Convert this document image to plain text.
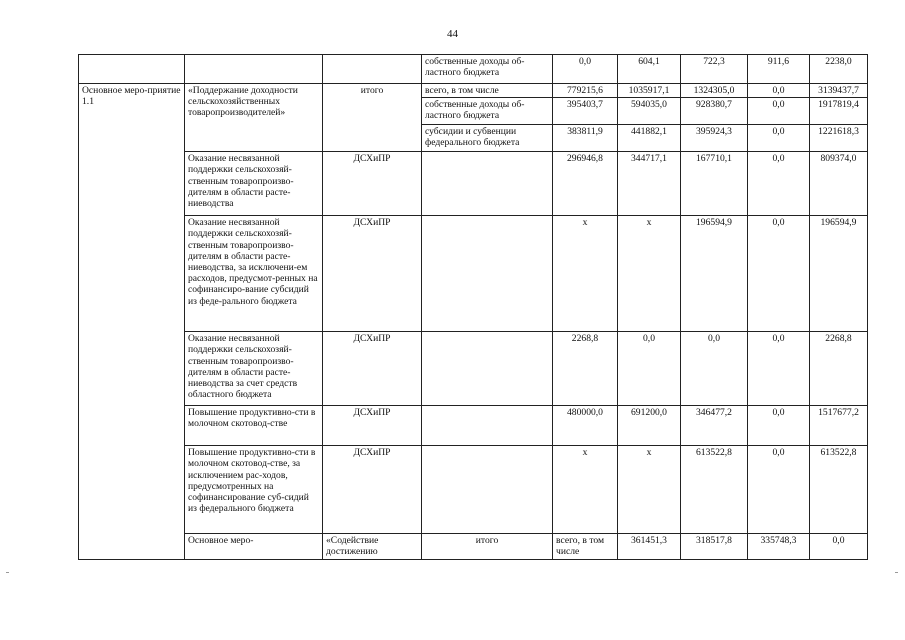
44
			собственные доходы об-ластного бюджета	0,0	604,1	722,3	911,6	2238,0	
Основное меро-приятие 1.1	«Поддержание доходности сельскохозяйственных товаропроизводителей»	итого	всего, в том числе	779215,6	1035917,1	1324305,0	0,0	3139437,7	
			собственные доходы об-ластного бюджета	395403,7	594035,0	928380,7	0,0	1917819,4	
			субсидии и субвенции федерального бюджета	383811,9	441882,1	395924,3	0,0	1221618,3	
	Оказание несвязанной поддержки сельскохозяй-ственным товаропроизво-дителям в области расте-ниеводства	ДСХиПР		296946,8	344717,1	167710,1	0,0	809374,0	
	Оказание несвязанной поддержки сельскохозяй-ственным товаропроизво-дителям в области расте-ниеводства, за исключени-ем расходов, предусмот-ренных на софинансиро-вание субсидий из феде-рального бюджета	ДСХиПР		х	х	196594,9	0,0	196594,9	
	Оказание несвязанной поддержки сельскохозяй-ственным товаропроизво-дителям в области расте-ниеводства за счет средств областного бюджета	ДСХиПР		2268,8	0,0	0,0	0,0	2268,8	
	Повышение продуктивно-сти в молочном скотовод-стве	ДСХиПР		480000,0	691200,0	346477,2	0,0	1517677,2	
	Повышение продуктивно-сти в молочном скотовод-стве, за исключением рас-ходов, предусмотренных на софинансирование суб-сидий из федерального бюджета	ДСХиПР		х	х	613522,8	0,0	613522,8	
	Основное меро-	«Содействие достижению	итого	всего, в том числе	361451,3	318517,8	335748,3	0,0	
